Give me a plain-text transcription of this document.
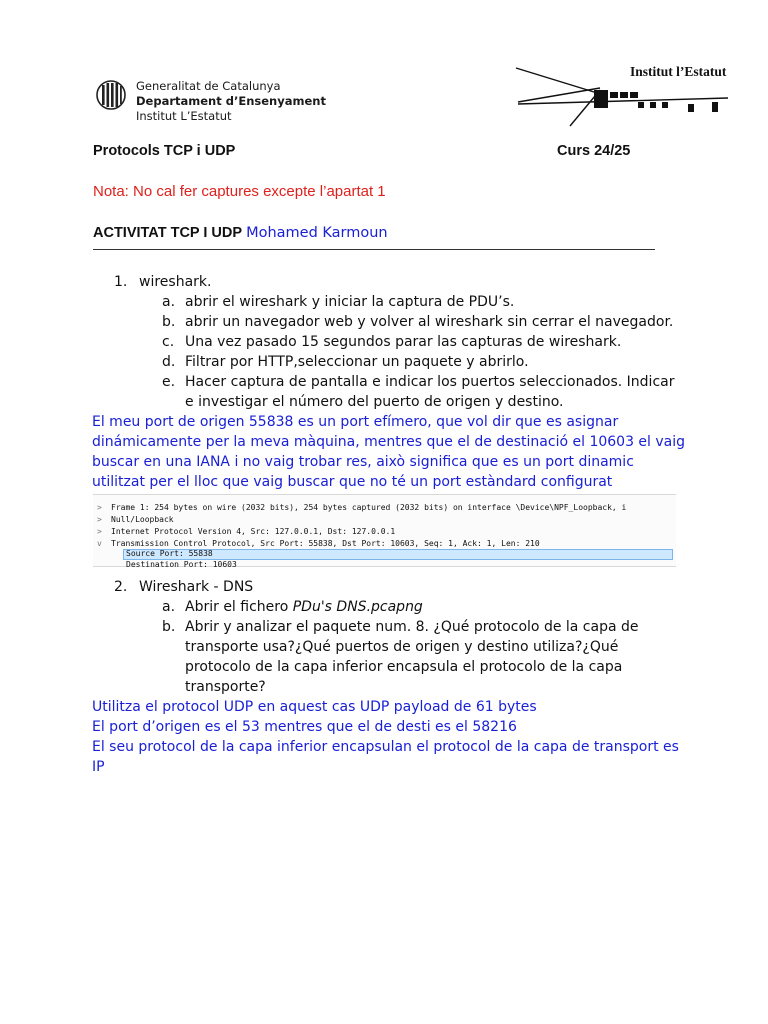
Generalitat de Catalunya
Departament d’Ensenyament
Institut L’Estatut
Institut l’Estatut
Protocols TCP i UDP	Curs 24/25
Nota: No cal fer captures excepte l’apartat 1
ACTIVITAT TCP I UDP Mohamed Karmoun
1. wireshark.
a. abrir el wireshark y iniciar la captura de PDU’s.
b. abrir un navegador web y volver al wireshark sin cerrar el navegador.
c. Una vez pasado 15 segundos parar las capturas de wireshark.
d. Filtrar por HTTP,seleccionar un paquete y abrirlo.
e. Hacer captura de pantalla e indicar los puertos seleccionados. Indicar e investigar el número del puerto de origen y destino.
El meu port de origen 55838 es un port efímero, que vol dir que es asignar
dinámicamente per la meva màquina, mentres que el de destinació el 10603 el vaig
buscar en una IANA i no vaig trobar res, això significa que es un port dinamic
utilitzat per el lloc que vaig buscar que no té un port estàndard configurat
> Frame 1: 254 bytes on wire (2032 bits), 254 bytes captured (2032 bits) on interface \Device\NPF_Loopback, i
> Null/Loopback
> Internet Protocol Version 4, Src: 127.0.0.1, Dst: 127.0.0.1
v Transmission Control Protocol, Src Port: 55838, Dst Port: 10603, Seq: 1, Ack: 1, Len: 210
Source Port: 55838
Destination Port: 10603
2. Wireshark - DNS
a. Abrir el fichero PDu's DNS.pcapng
b. Abrir y analizar el paquete num. 8. ¿Qué protocolo de la capa de
transporte usa?¿Qué puertos de origen y destino utiliza?¿Qué
protocolo de la capa inferior encapsula el protocolo de la capa
transporte?
Utilitza el protocol UDP en aquest cas UDP payload de 61 bytes
El port d’origen es el 53 mentres que el de desti es el 58216
El seu protocol de la capa inferior encapsulan el protocol de la capa de transport es
IP
